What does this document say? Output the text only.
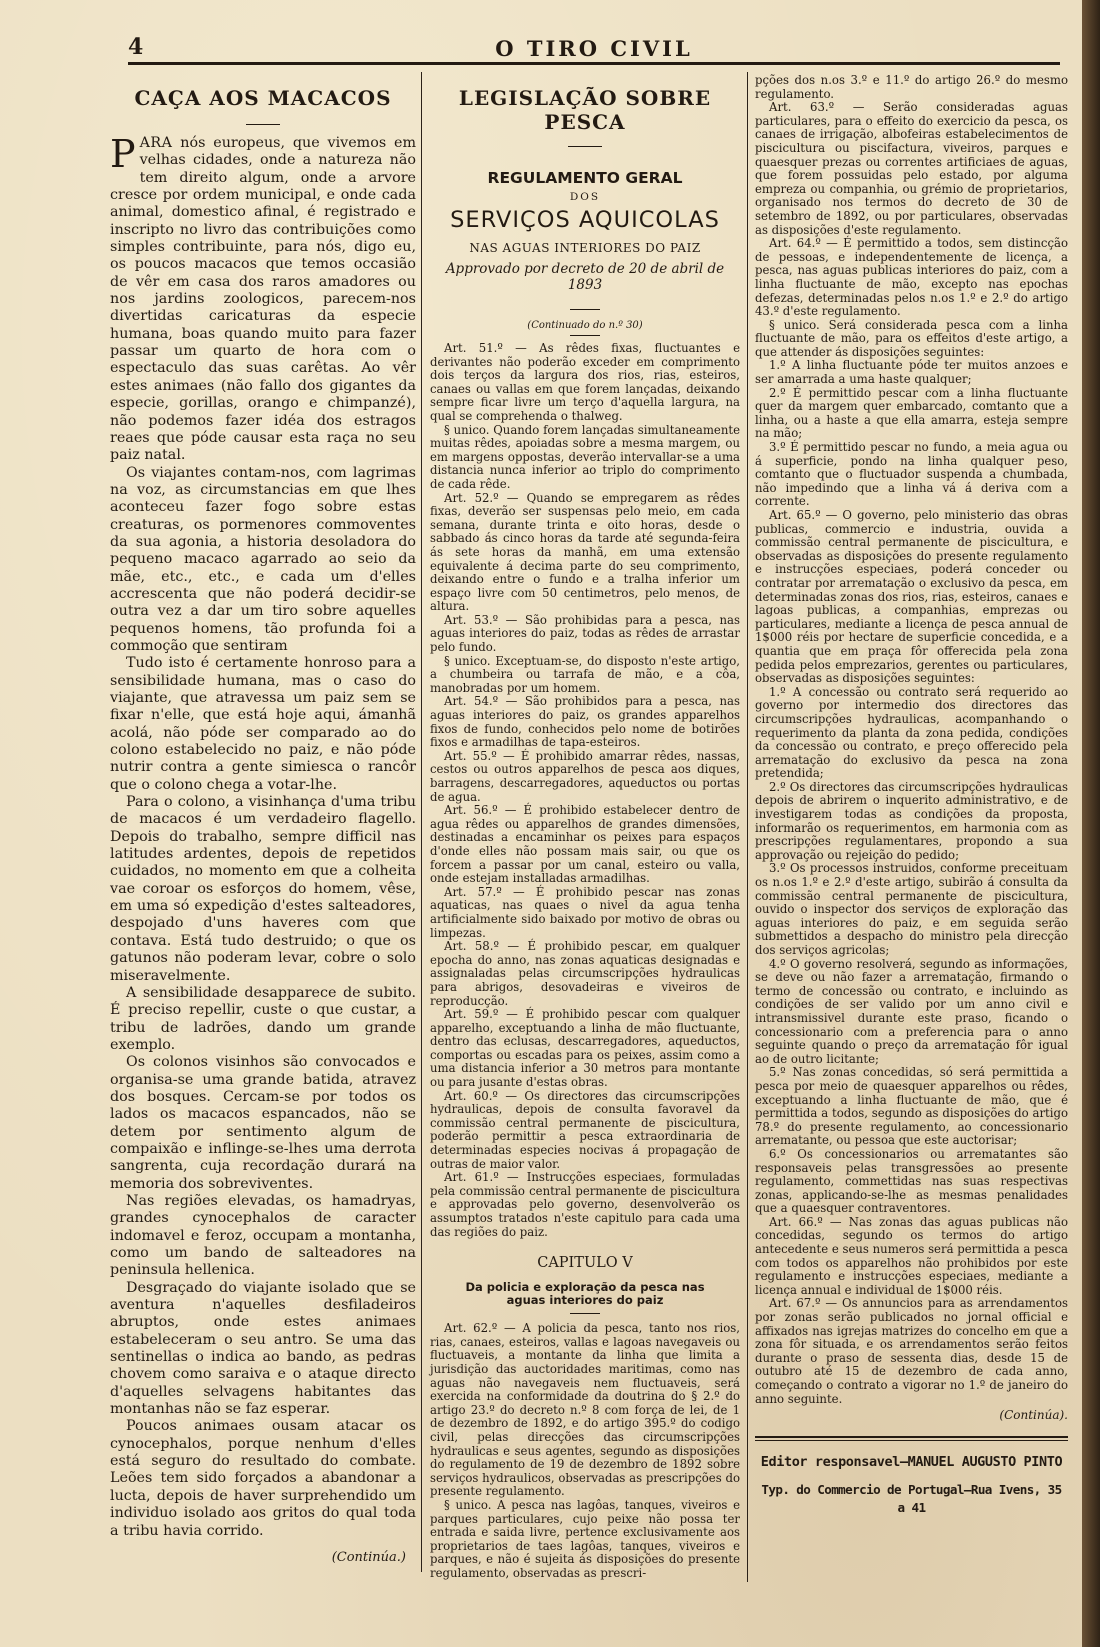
4	O TIRO CIVIL
CAÇA AOS MACACOS

PARA nós europeus, que vivemos em velhas cidades, onde a natureza não tem direito algum, onde a arvore cresce por ordem municipal, e onde cada animal, domestico afinal, é registrado e inscripto no livro das contribuições como simples contribuinte, para nós, digo eu, os poucos macacos que temos occasião de vêr em casa dos raros amadores ou nos jardins zoologicos, parecem-nos divertidas caricaturas da especie humana, boas quando muito para fazer passar um quarto de hora com o espectaculo das suas carêtas. Ao vêr estes animaes (não fallo dos gigantes da especie, gorillas, orango e chimpanzé), não podemos fazer idéa dos estragos reaes que póde causar esta raça no seu paiz natal.

Os viajantes contam-nos, com lagrimas na voz, as circumstancias em que lhes aconteceu fazer fogo sobre estas creaturas, os pormenores commoventes da sua agonia, a historia desoladora do pequeno macaco agarrado ao seio da mãe, etc., etc., e cada um d'elles accrescenta que não poderá decidir-se outra vez a dar um tiro sobre aquelles pequenos homens, tão profunda foi a commoção que sentiram

Tudo isto é certamente honroso para a sensibilidade humana, mas o caso do viajante, que atravessa um paiz sem se fixar n'elle, que está hoje aqui, ámanhã acolá, não póde ser comparado ao do colono estabelecido no paiz, e não póde nutrir contra a gente simiesca o rancôr que o colono chega a votar-lhe.

Para o colono, a visinhança d'uma tribu de macacos é um verdadeiro flagello. Depois do trabalho, sempre difficil nas latitudes ardentes, depois de repetidos cuidados, no momento em que a colheita vae coroar os esforços do homem, vêse, em uma só expedição d'estes salteadores, despojado d'uns haveres com que contava. Está tudo destruido; o que os gatunos não poderam levar, cobre o solo miseravelmente.

A sensibilidade desapparece de subito. É preciso repellir, custe o que custar, a tribu de ladrões, dando um grande exemplo.

Os colonos visinhos são convocados e organisa-se uma grande batida, atravez dos bosques. Cercam-se por todos os lados os macacos espancados, não se detem por sentimento algum de compaixão e inflinge-se-lhes uma derrota sangrenta, cuja recordação durará na memoria dos sobreviventes.

Nas regiões elevadas, os hamadryas, grandes cynocephalos de caracter indomavel e feroz, occupam a montanha, como um bando de salteadores na peninsula hellenica.

Desgraçado do viajante isolado que se aventura n'aquelles desfiladeiros abruptos, onde estes animaes estabeleceram o seu antro. Se uma das sentinellas o indica ao bando, as pedras chovem como saraiva e o ataque directo d'aquelles selvagens habitantes das montanhas não se faz esperar.

Poucos animaes ousam atacar os cynocephalos, porque nenhum d'elles está seguro do resultado do combate. Leões tem sido forçados a abandonar a lucta, depois de haver surprehendido um individuo isolado aos gritos do qual toda a tribu havia corrido.

(Continúa.)
LEGISLAÇÃO SOBRE PESCA
REGULAMENTO GERAL
DOS
SERVIÇOS AQUICOLAS
NAS AGUAS INTERIORES DO PAIZ
Approvado por decreto de 20 de abril de 1893
(Continuado do n.º 30)

Art. 51.º — As rêdes fixas, fluctuantes e derivantes não poderão exceder em comprimento dois terços da largura dos rios, rias, esteiros, canaes ou vallas em que forem lançadas, deixando sempre ficar livre um terço d'aquella largura, na qual se comprehenda o thalweg.

§ unico. Quando forem lançadas simultaneamente muitas rêdes, apoiadas sobre a mesma margem, ou em margens oppostas, deverão intervallar-se a uma distancia nunca inferior ao triplo do comprimento de cada rêde.

Art. 52.º — Quando se empregarem as rêdes fixas, deverão ser suspensas pelo meio, em cada semana, durante trinta e oito horas, desde o sabbado ás cinco horas da tarde até segunda-feira ás sete horas da manhã, em uma extensão equivalente á decima parte do seu comprimento, deixando entre o fundo e a tralha inferior um espaço livre com 50 centimetros, pelo menos, de altura.

Art. 53.º — São prohibidas para a pesca, nas aguas interiores do paiz, todas as rêdes de arrastar pelo fundo.

§ unico. Exceptuam-se, do disposto n'este artigo, a chumbeira ou tarrafa de mão, e a côa, manobradas por um homem.

Art. 54.º — São prohibidos para a pesca, nas aguas interiores do paiz, os grandes apparelhos fixos de fundo, conhecidos pelo nome de botirões fixos e armadilhas de tapa-esteiros.

Art. 55.º — É prohibido amarrar rêdes, nassas, cestos ou outros apparelhos de pesca aos diques, barragens, descarregadores, aqueductos ou portas de agua.

Art. 56.º — É prohibido estabelecer dentro de agua rêdes ou apparelhos de grandes dimensões, destinadas a encaminhar os peixes para espaços d'onde elles não possam mais sair, ou que os forcem a passar por um canal, esteiro ou valla, onde estejam installadas armadilhas.

Art. 57.º — É prohibido pescar nas zonas aquaticas, nas quaes o nivel da agua tenha artificialmente sido baixado por motivo de obras ou limpezas.

Art. 58.º — É prohibido pescar, em qualquer epocha do anno, nas zonas aquaticas designadas e assignaladas pelas circumscripções hydraulicas para abrigos, desovadeiras e viveiros de reproducção.

Art. 59.º — É prohibido pescar com qualquer apparelho, exceptuando a linha de mão fluctuante, dentro das eclusas, descarregadores, aqueductos, comportas ou escadas para os peixes, assim como a uma distancia inferior a 30 metros para montante ou para jusante d'estas obras.

Art. 60.º — Os directores das circumscripções hydraulicas, depois de consulta favoravel da commissão central permanente de piscicultura, poderão permittir a pesca extraordinaria de determinadas especies nocivas á propagação de outras de maior valor.

Art. 61.º — Instrucções especiaes, formuladas pela commissão central permanente de piscicultura e approvadas pelo governo, desenvolverão os assumptos tratados n'este capitulo para cada uma das regiões do paiz.

CAPITULO V
Da policia e exploração da pesca nas aguas interiores do paiz

Art. 62.º — A policia da pesca, tanto nos rios, rias, canaes, esteiros, vallas e lagoas navegaveis ou fluctuaveis, a montante da linha que limita a jurisdição das auctoridades maritimas, como nas aguas não navegaveis nem fluctuaveis, será exercida na conformidade da doutrina do § 2.º do artigo 23.º do decreto n.º 8 com força de lei, de 1 de dezembro de 1892, e do artigo 395.º do codigo civil, pelas direcções das circumscripções hydraulicas e seus agentes, segundo as disposições do regulamento de 19 de dezembro de 1892 sobre serviços hydraulicos, observadas as prescripções do presente regulamento.

§ unico. A pesca nas lagôas, tanques, viveiros e parques particulares, cujo peixe não possa ter entrada e saida livre, pertence exclusivamente aos proprietarios de taes lagôas, tanques, viveiros e parques, e não é sujeita ás disposições do presente regulamento, observadas as prescri-

pções dos n.os 3.º e 11.º do artigo 26.º do mesmo regulamento.

Art. 63.º — Serão consideradas aguas particulares, para o effeito do exercicio da pesca, os canaes de irrigação, albofeiras estabelecimentos de piscicultura ou piscifactura, viveiros, parques e quaesquer prezas ou correntes artificiaes de aguas, que forem possuidas pelo estado, por alguma empreza ou companhia, ou grémio de proprietarios, organisado nos termos do decreto de 30 de setembro de 1892, ou por particulares, observadas as disposições d'este regulamento.

Art. 64.º — É permittido a todos, sem distincção de pessoas, e independentemente de licença, a pesca, nas aguas publicas interiores do paiz, com a linha fluctuante de mão, excepto nas epochas defezas, determinadas pelos n.os 1.º e 2.º do artigo 43.º d'este regulamento.

§ unico. Será considerada pesca com a linha fluctuante de mão, para os effeitos d'este artigo, a que attender ás disposições seguintes:

1.º A linha fluctuante póde ter muitos anzoes e ser amarrada a uma haste qualquer;

2.º É permittido pescar com a linha fluctuante quer da margem quer embarcado, comtanto que a linha, ou a haste a que ella amarra, esteja sempre na mão;

3.º É permittido pescar no fundo, a meia agua ou á superficie, pondo na linha qualquer peso, comtanto que o fluctuador suspenda a chumbada, não impedindo que a linha vá á deriva com a corrente.

Art. 65.º — O governo, pelo ministerio das obras publicas, commercio e industria, ouvida a commissão central permanente de piscicultura, e observadas as disposições do presente regulamento e instrucções especiaes, poderá conceder ou contratar por arrematação o exclusivo da pesca, em determinadas zonas dos rios, rias, esteiros, canaes e lagoas publicas, a companhias, emprezas ou particulares, mediante a licença de pesca annual de 1$000 réis por hectare de superficie concedida, e a quantia que em praça fôr offerecida pela zona pedida pelos emprezarios, gerentes ou particulares, observadas as disposições seguintes:

1.º A concessão ou contrato será requerido ao governo por intermedio dos directores das circumscripções hydraulicas, acompanhando o requerimento da planta da zona pedida, condições da concessão ou contrato, e preço offerecido pela arrematação do exclusivo da pesca na zona pretendida;

2.º Os directores das circumscripções hydraulicas depois de abrirem o inquerito administrativo, e de investigarem todas as condições da proposta, informarão os requerimentos, em harmonia com as prescripções regulamentares, propondo a sua approvação ou rejeição do pedido;

3.º Os processos instruidos, conforme preceituam os n.os 1.º e 2.º d'este artigo, subirão á consulta da commissão central permanente de piscicultura, ouvido o inspector dos serviços de exploração das aguas interiores do paiz, e em seguida serão submettidos a despacho do ministro pela direcção dos serviços agricolas;

4.º O governo resolverá, segundo as informações, se deve ou não fazer a arrematação, firmando o termo de concessão ou contrato, e incluindo as condições de ser valido por um anno civil e intransmissivel durante este praso, ficando o concessionario com a preferencia para o anno seguinte quando o preço da arrematação fôr igual ao de outro licitante;

5.º Nas zonas concedidas, só será permittida a pesca por meio de quaesquer apparelhos ou rêdes, exceptuando a linha fluctuante de mão, que é permittida a todos, segundo as disposições do artigo 78.º do presente regulamento, ao concessionario arrematante, ou pessoa que este auctorisar;

6.º Os concessionarios ou arrematantes são responsaveis pelas transgressões ao presente regulamento, commettidas nas suas respectivas zonas, applicando-se-lhe as mesmas penalidades que a quaesquer contraventores.

Art. 66.º — Nas zonas das aguas publicas não concedidas, segundo os termos do artigo antecedente e seus numeros será permittida a pesca com todos os apparelhos não prohibidos por este regulamento e instrucções especiaes, mediante a licença annual e individual de 1$000 réis.

Art. 67.º — Os annuncios para as arrendamentos por zonas serão publicados no jornal official e affixados nas igrejas matrizes do concelho em que a zona fôr situada, e os arrendamentos serão feitos durante o praso de sessenta dias, desde 15 de outubro até 15 de dezembro de cada anno, começando o contrato a vigorar no 1.º de janeiro do anno seguinte.

(Continúa).
Editor responsavel—MANUEL AUGUSTO PINTO
Typ. do Commercio de Portugal—Rua Ivens, 35 a 41
